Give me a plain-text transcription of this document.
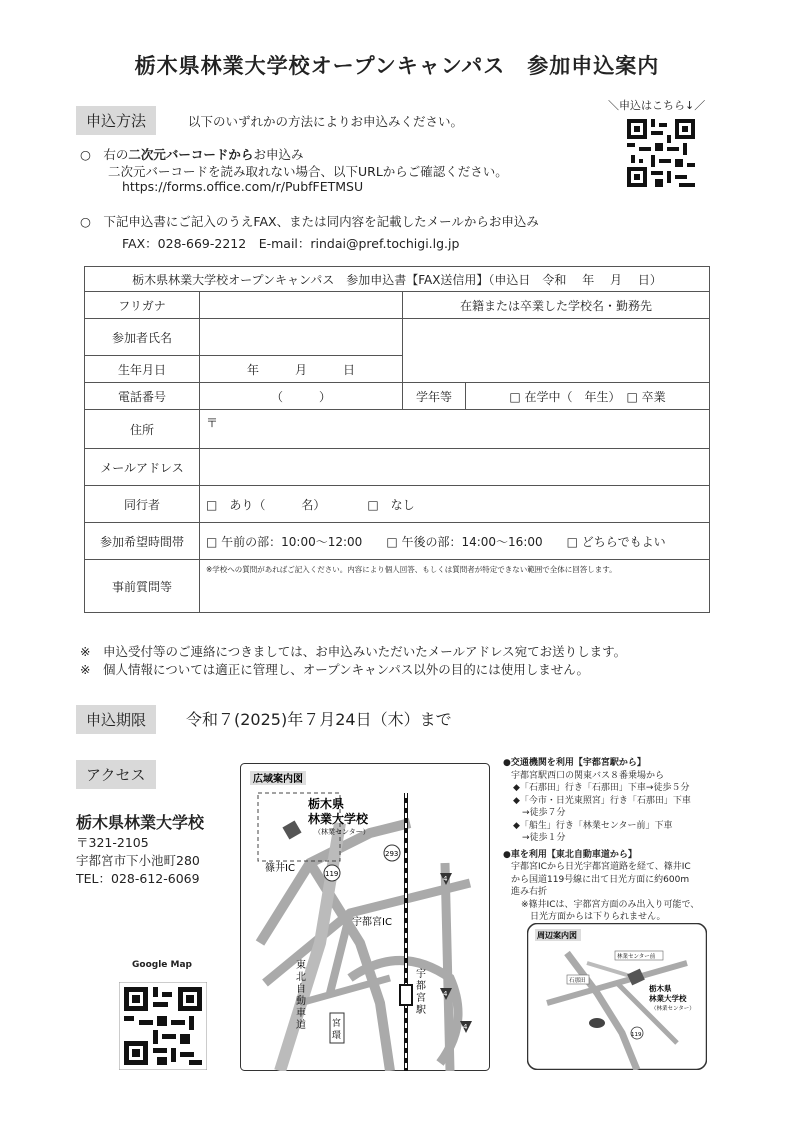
栃木県林業大学校オープンキャンパス　参加申込案内
申込方法	以下のいずれかの方法によりお申込みください。
＼申込はこちら↓／
○　右の二次元バーコードからお申込み
二次元バーコードを読み取れない場合、以下URLからご確認ください。
https://forms.office.com/r/PubfFETMSU
○　下記申込書にご記入のうえFAX、または同内容を記載したメールからお申込み
FAX：028-669-2212　E-mail：rindai@pref.tochigi.lg.jp
栃木県林業大学校オープンキャンパス　参加申込書【FAX送信用】（申込日　令和　 年　 月　 日）			
フリガナ		在籍または卒業した学校名・勤務先	
参加者氏名			
生年月日	年　　　月　　　日		
電話番号	（　　　）	学年等	□ 在学中（　年生）　□ 卒業
住所	〒		
メールアドレス			
同行者	□　あり（　　　名）　　　　□　なし		
参加希望時間帯	□ 午前の部：10:00～12:00　　□ 午後の部：14:00～16:00　　□ どちらでもよい		
事前質問等	※学校への質問があればご記入ください。内容により個人回答、もしくは質問者が特定できない範囲で全体に回答します。		
※　申込受付等のご連絡につきましては、お申込みいただいたメールアドレス宛てお送りします。
※　個人情報については適正に管理し、オープンキャンパス以外の目的には使用しません。
申込期限	令和７(2025)年７月24日（木）まで
アクセス
栃木県林業大学校
〒321-2105
宇都宮市下小池町280
TEL：028-612-6069
Google Map
広域案内図
栃木県
林業大学校
（林業センター）
篠井IC
宇都宮IC
119
293
4
4
4
東北自動車道
宇都宮駅
宮環
●交通機関を利用【宇都宮駅から】
宇都宮駅西口の関東バス８番乗場から
◆「石那田」行き「石那田」下車→徒歩５分
◆「今市・日光東照宮」行き「石那田」下車
　→徒歩７分
◆「船生」行き「林業センター前」下車
　→徒歩１分
●車を利用【東北自動車道から】
宇都宮ICから日光宇都宮道路を経て、篠井IC
から国道119号線に出て日光方面に約600m
進み右折
※篠井ICは、宇都宮方面のみ出入り可能で、
　日光方面からは下りられません。
周辺案内図
栃木県
林業大学校
（林業センター）
林業センター前
石那田
119
